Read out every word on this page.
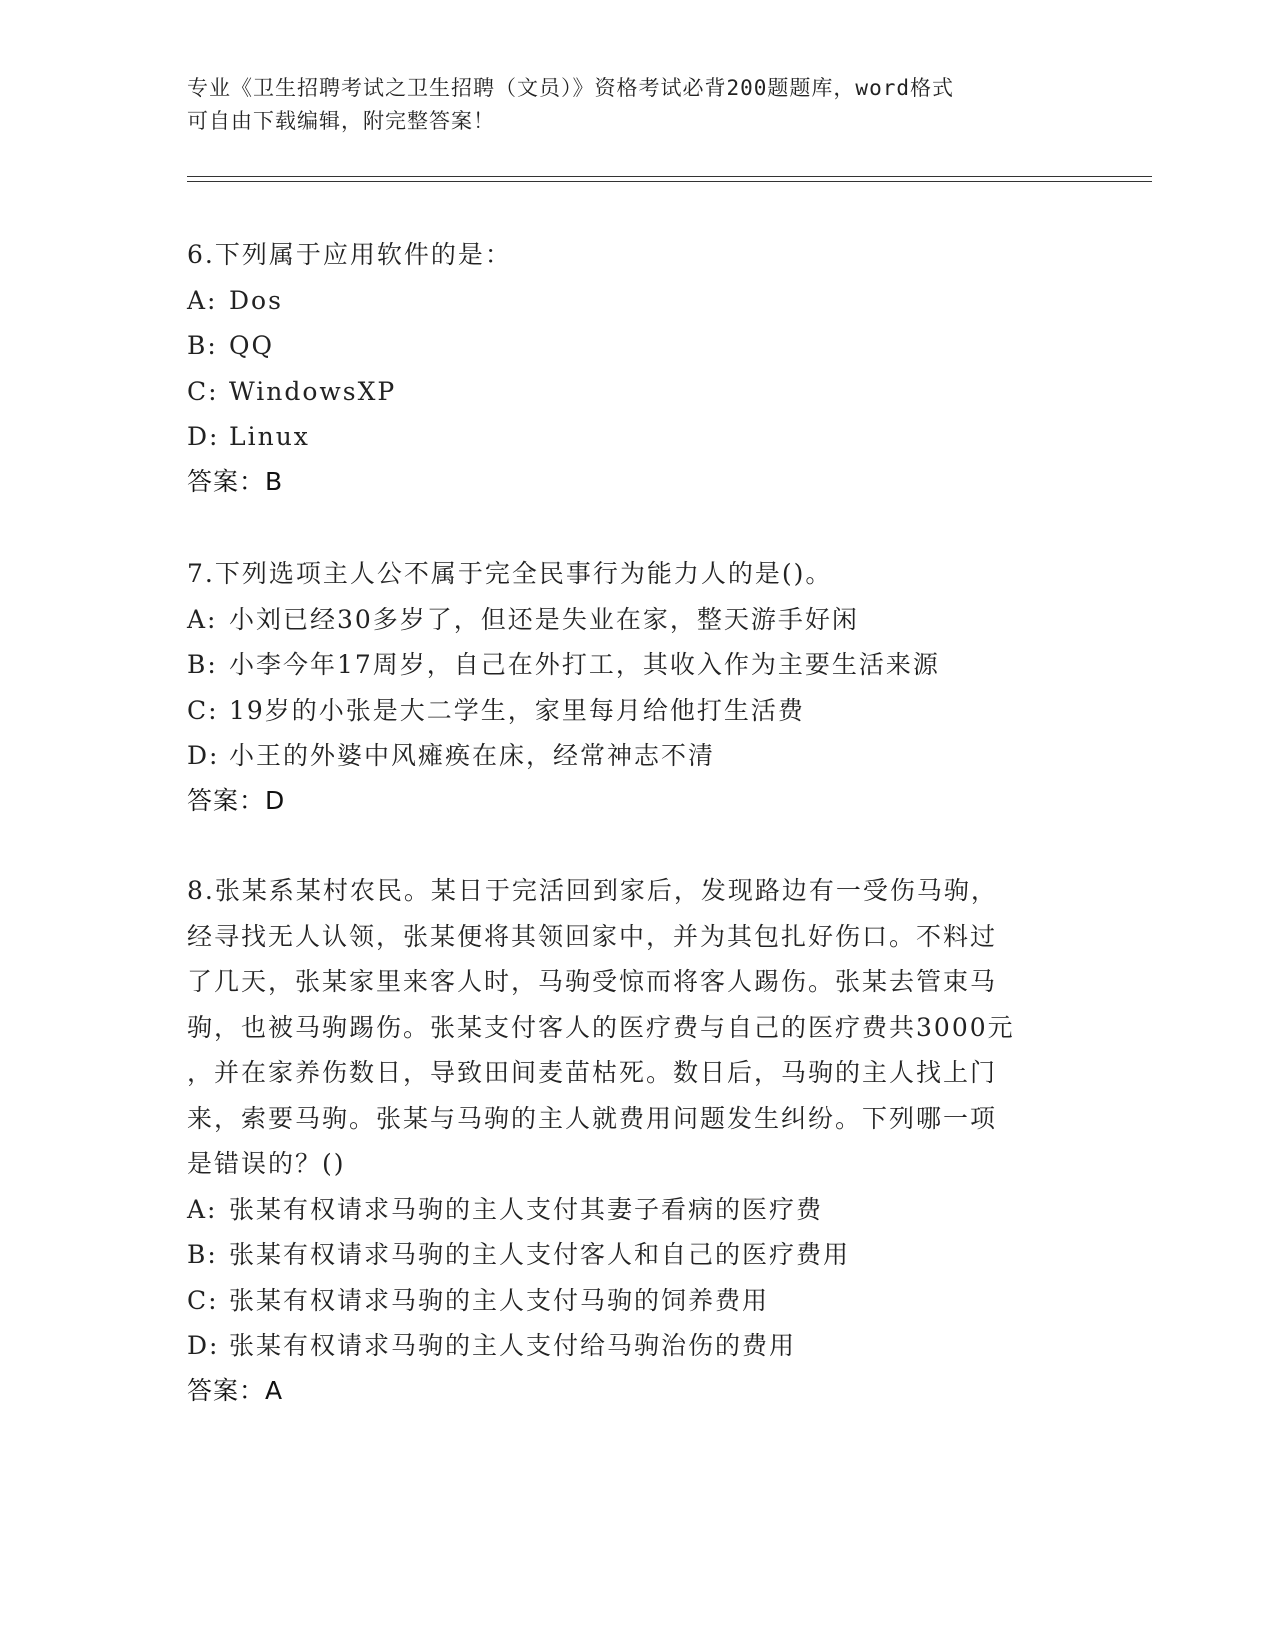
专业《卫生招聘考试之卫生招聘（文员）》资格考试必背200题题库，word格式
可自由下载编辑，附完整答案！
6.下列属于应用软件的是：
A: Dos
B: QQ
C: WindowsXP
D: Linux
答案：B
7.下列选项主人公不属于完全民事行为能力人的是()。
A: 小刘已经30多岁了，但还是失业在家，整天游手好闲
B: 小李今年17周岁，自己在外打工，其收入作为主要生活来源
C: 19岁的小张是大二学生，家里每月给他打生活费
D: 小王的外婆中风瘫痪在床，经常神志不清
答案：D
8.张某系某村农民。某日于完活回到家后，发现路边有一受伤马驹，
经寻找无人认领，张某便将其领回家中，并为其包扎好伤口。不料过
了几天，张某家里来客人时，马驹受惊而将客人踢伤。张某去管束马
驹，也被马驹踢伤。张某支付客人的医疗费与自己的医疗费共3000元
，并在家养伤数日，导致田间麦苗枯死。数日后，马驹的主人找上门
来，索要马驹。张某与马驹的主人就费用问题发生纠纷。下列哪一项
是错误的？()
A: 张某有权请求马驹的主人支付其妻子看病的医疗费
B: 张某有权请求马驹的主人支付客人和自己的医疗费用
C: 张某有权请求马驹的主人支付马驹的饲养费用
D: 张某有权请求马驹的主人支付给马驹治伤的费用
答案：A
